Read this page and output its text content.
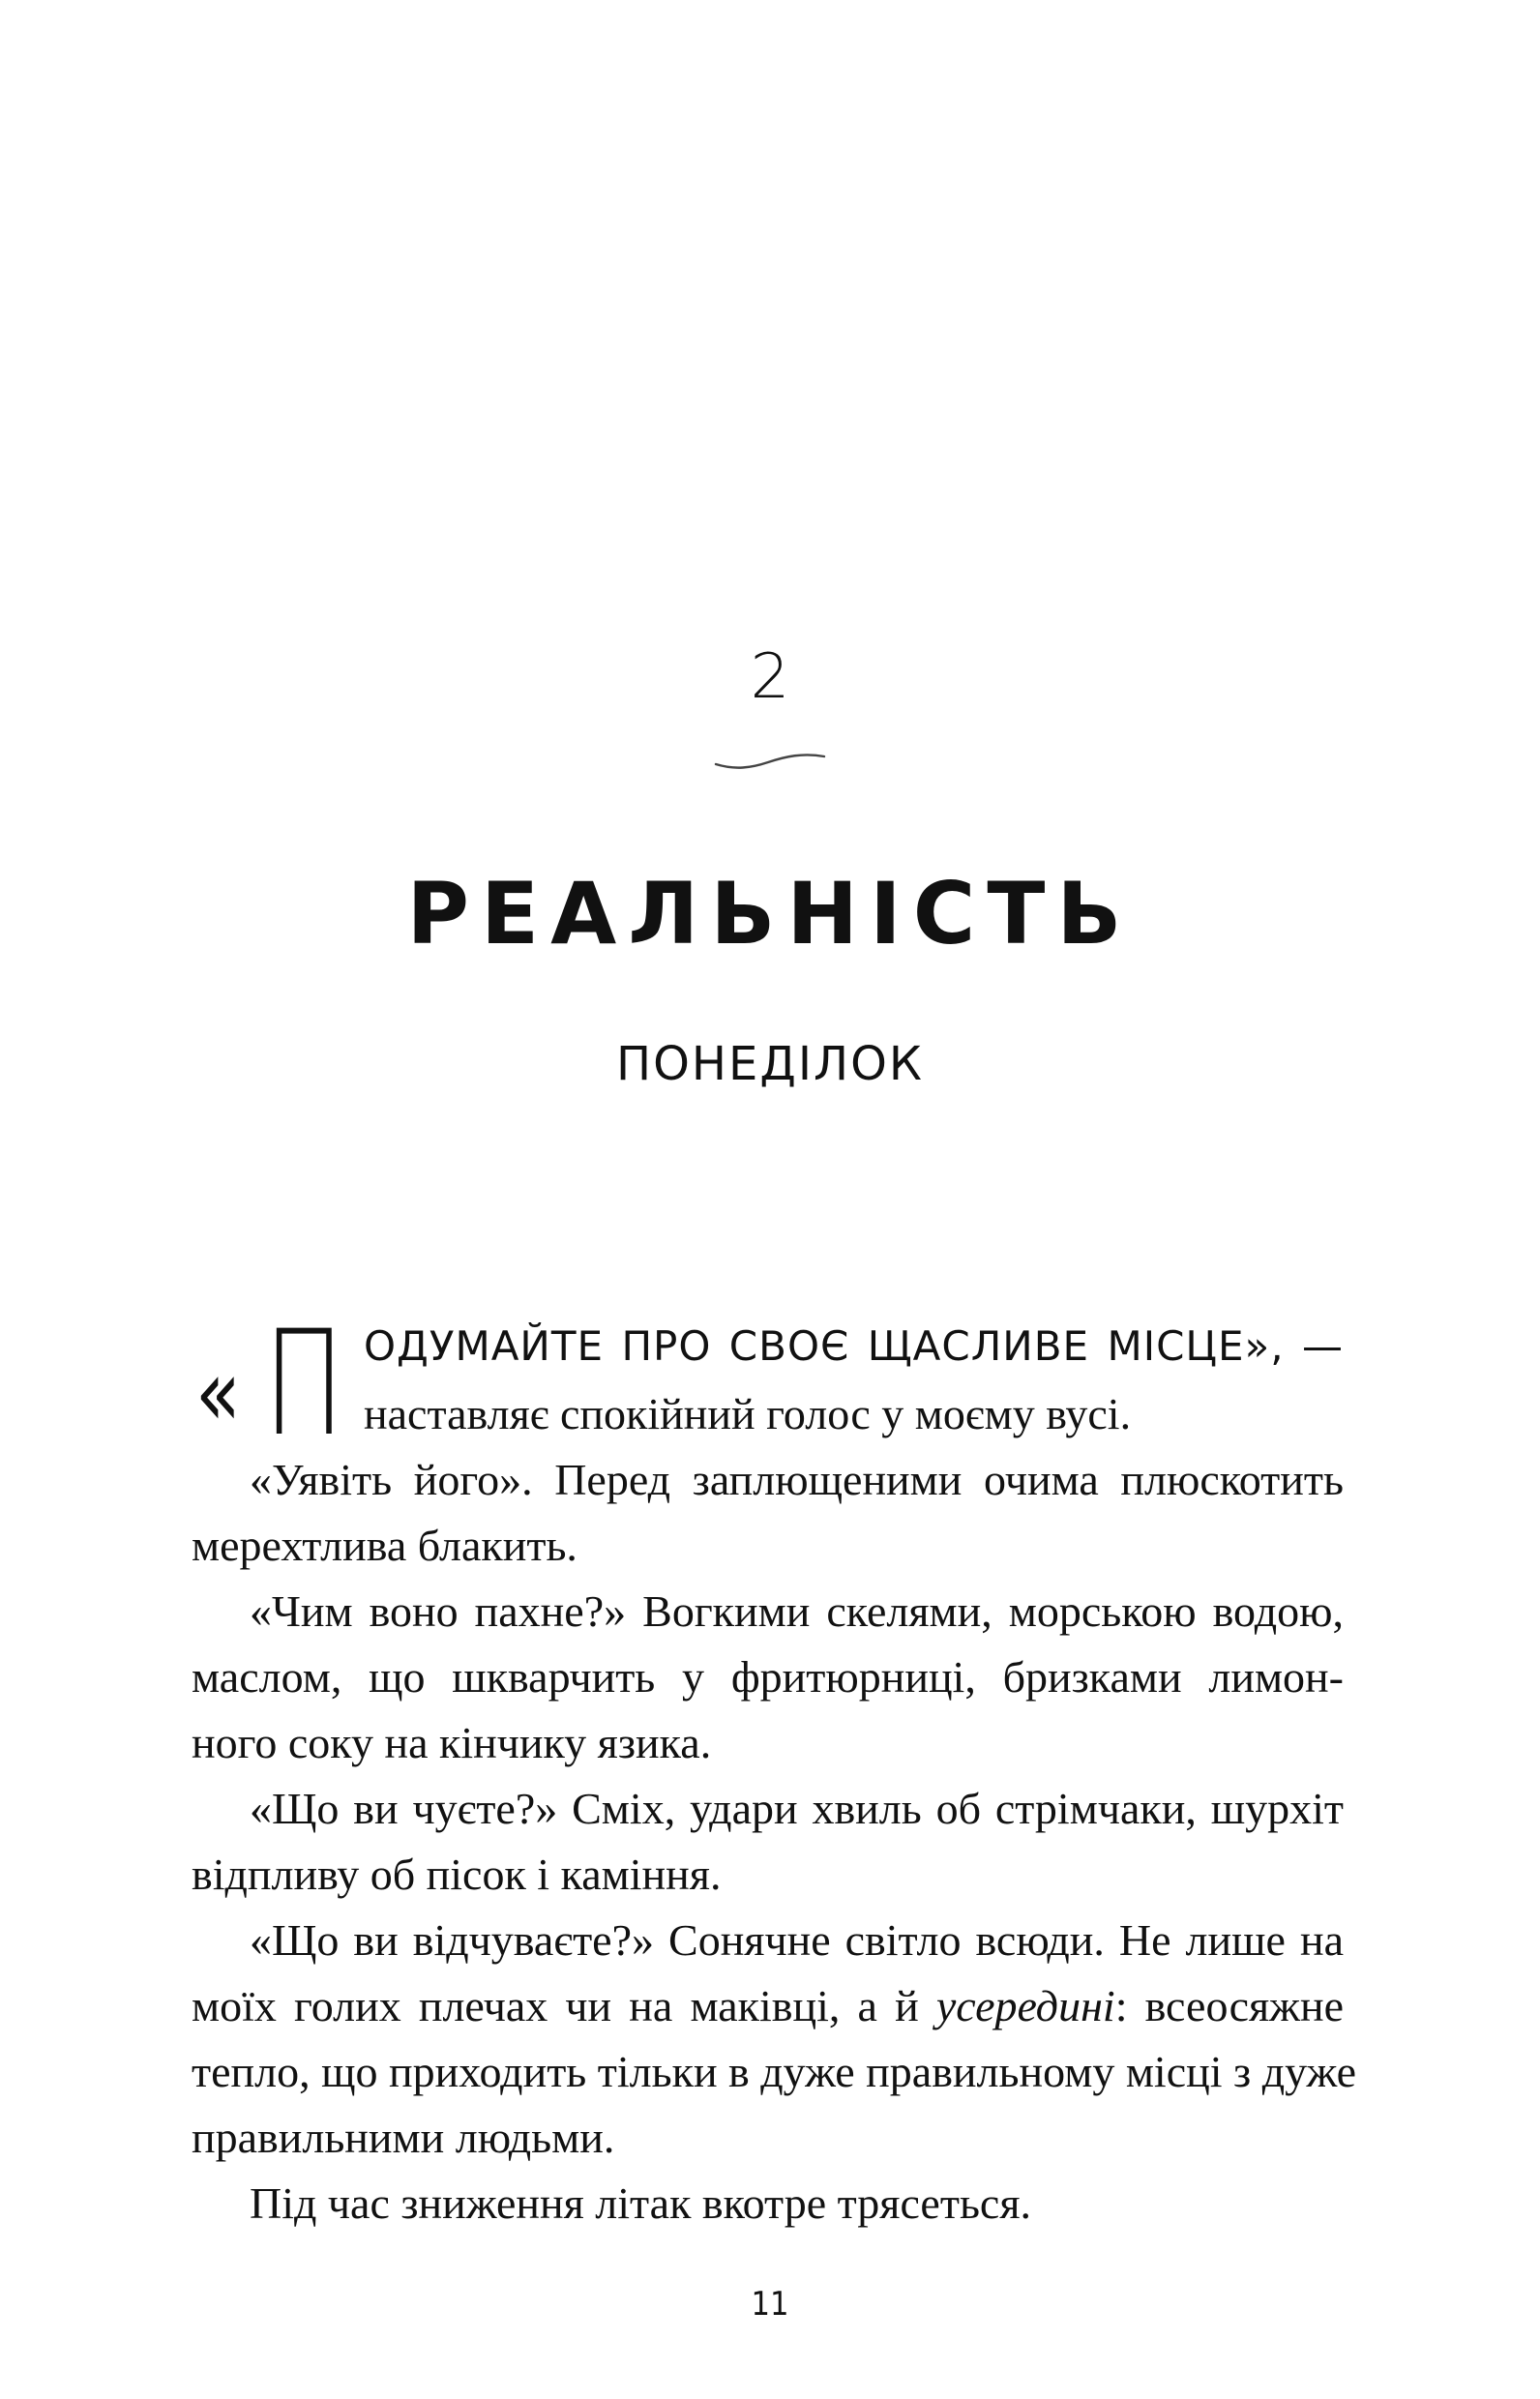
2
РЕАЛЬНІСТЬ
ПОНЕДІЛОК
« П ОДУМАЙТЕ ПРО СВОЄ ЩАСЛИВЕ МІСЦЕ», —
наставляє спокійний голос у моєму вусі.
«Уявіть його». Перед заплющеними очима плюскотить
мерехтлива блакить.
«Чим воно пахне?» Вогкими скелями, морською водою,
маслом, що шкварчить у фритюрниці, бризками лимон-
ного соку на кінчику язика.
«Що ви чуєте?» Сміх, удари хвиль об стрімчаки, шурхіт
відпливу об пісок і каміння.
«Що ви відчуваєте?» Сонячне світло всюди. Не лише на
моїх голих плечах чи на маківці, а й усередині: всеосяжне
тепло, що приходить тільки в дуже правильному місці з дуже
правильними людьми.
Під час зниження літак вкотре трясеться.
11
